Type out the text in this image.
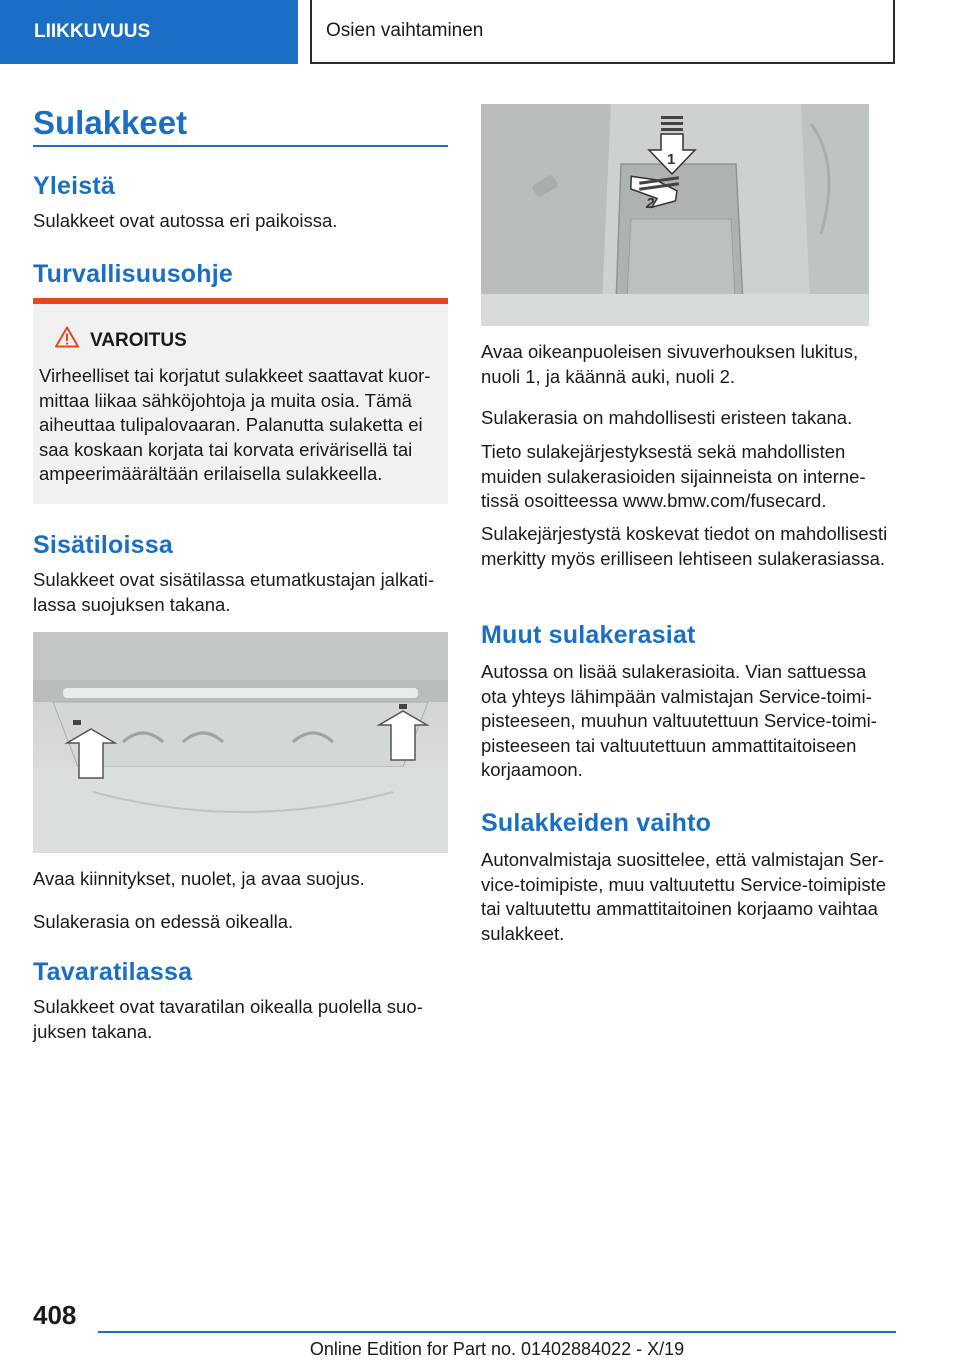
LIIKKUVUUS	Osien vaihtaminen
Sulakkeet
Yleistä

Sulakkeet ovat autossa eri paikoissa.

Turvallisuusohje
VAROITUS
Virheelliset tai korjatut sulakkeet saattavat kuormittaa liikaa sähköjohtoja ja muita osia. Tämä aiheuttaa tulipalovaaran. Palanutta sulaketta ei saa koskaan korjata tai korvata erivärisellä tai ampeerimäärältään erilaisella sulakkeella.
Sisätiloissa

Sulakkeet ovat sisätilassa etumatkustajan jalkatilassa suojuksen takana.

Avaa kiinnitykset, nuolet, ja avaa suojus.

Sulakerasia on edessä oikealla.

Tavaratilassa

Sulakkeet ovat tavaratilan oikealla puolella suojuksen takana.

1
2

Avaa oikeanpuoleisen sivuverhouksen lukitus, nuoli 1, ja käännä auki, nuoli 2.

Sulakerasia on mahdollisesti eristeen takana.

Tieto sulakejärjestyksestä sekä mahdollisten muiden sulakerasioiden sijainneista on internetissä osoitteessa www.bmw.com/fusecard.

Sulakejärjestystä koskevat tiedot on mahdollisesti merkitty myös erilliseen lehtiseen sulakerasiassa.

Muut sulakerasiat

Autossa on lisää sulakerasioita. Vian sattuessa ota yhteys lähimpään valmistajan Service-toimipisteeseen, muuhun valtuutettuun Service-toimipisteeseen tai valtuutettuun ammattitaitoiseen korjaamoon.

Sulakkeiden vaihto

Autonvalmistaja suosittelee, että valmistajan Service-toimipiste, muu valtuutettu Service-toimipiste tai valtuutettu ammattitaitoinen korjaamo vaihtaa sulakkeet.

408
Online Edition for Part no. 01402884022 - X/19
